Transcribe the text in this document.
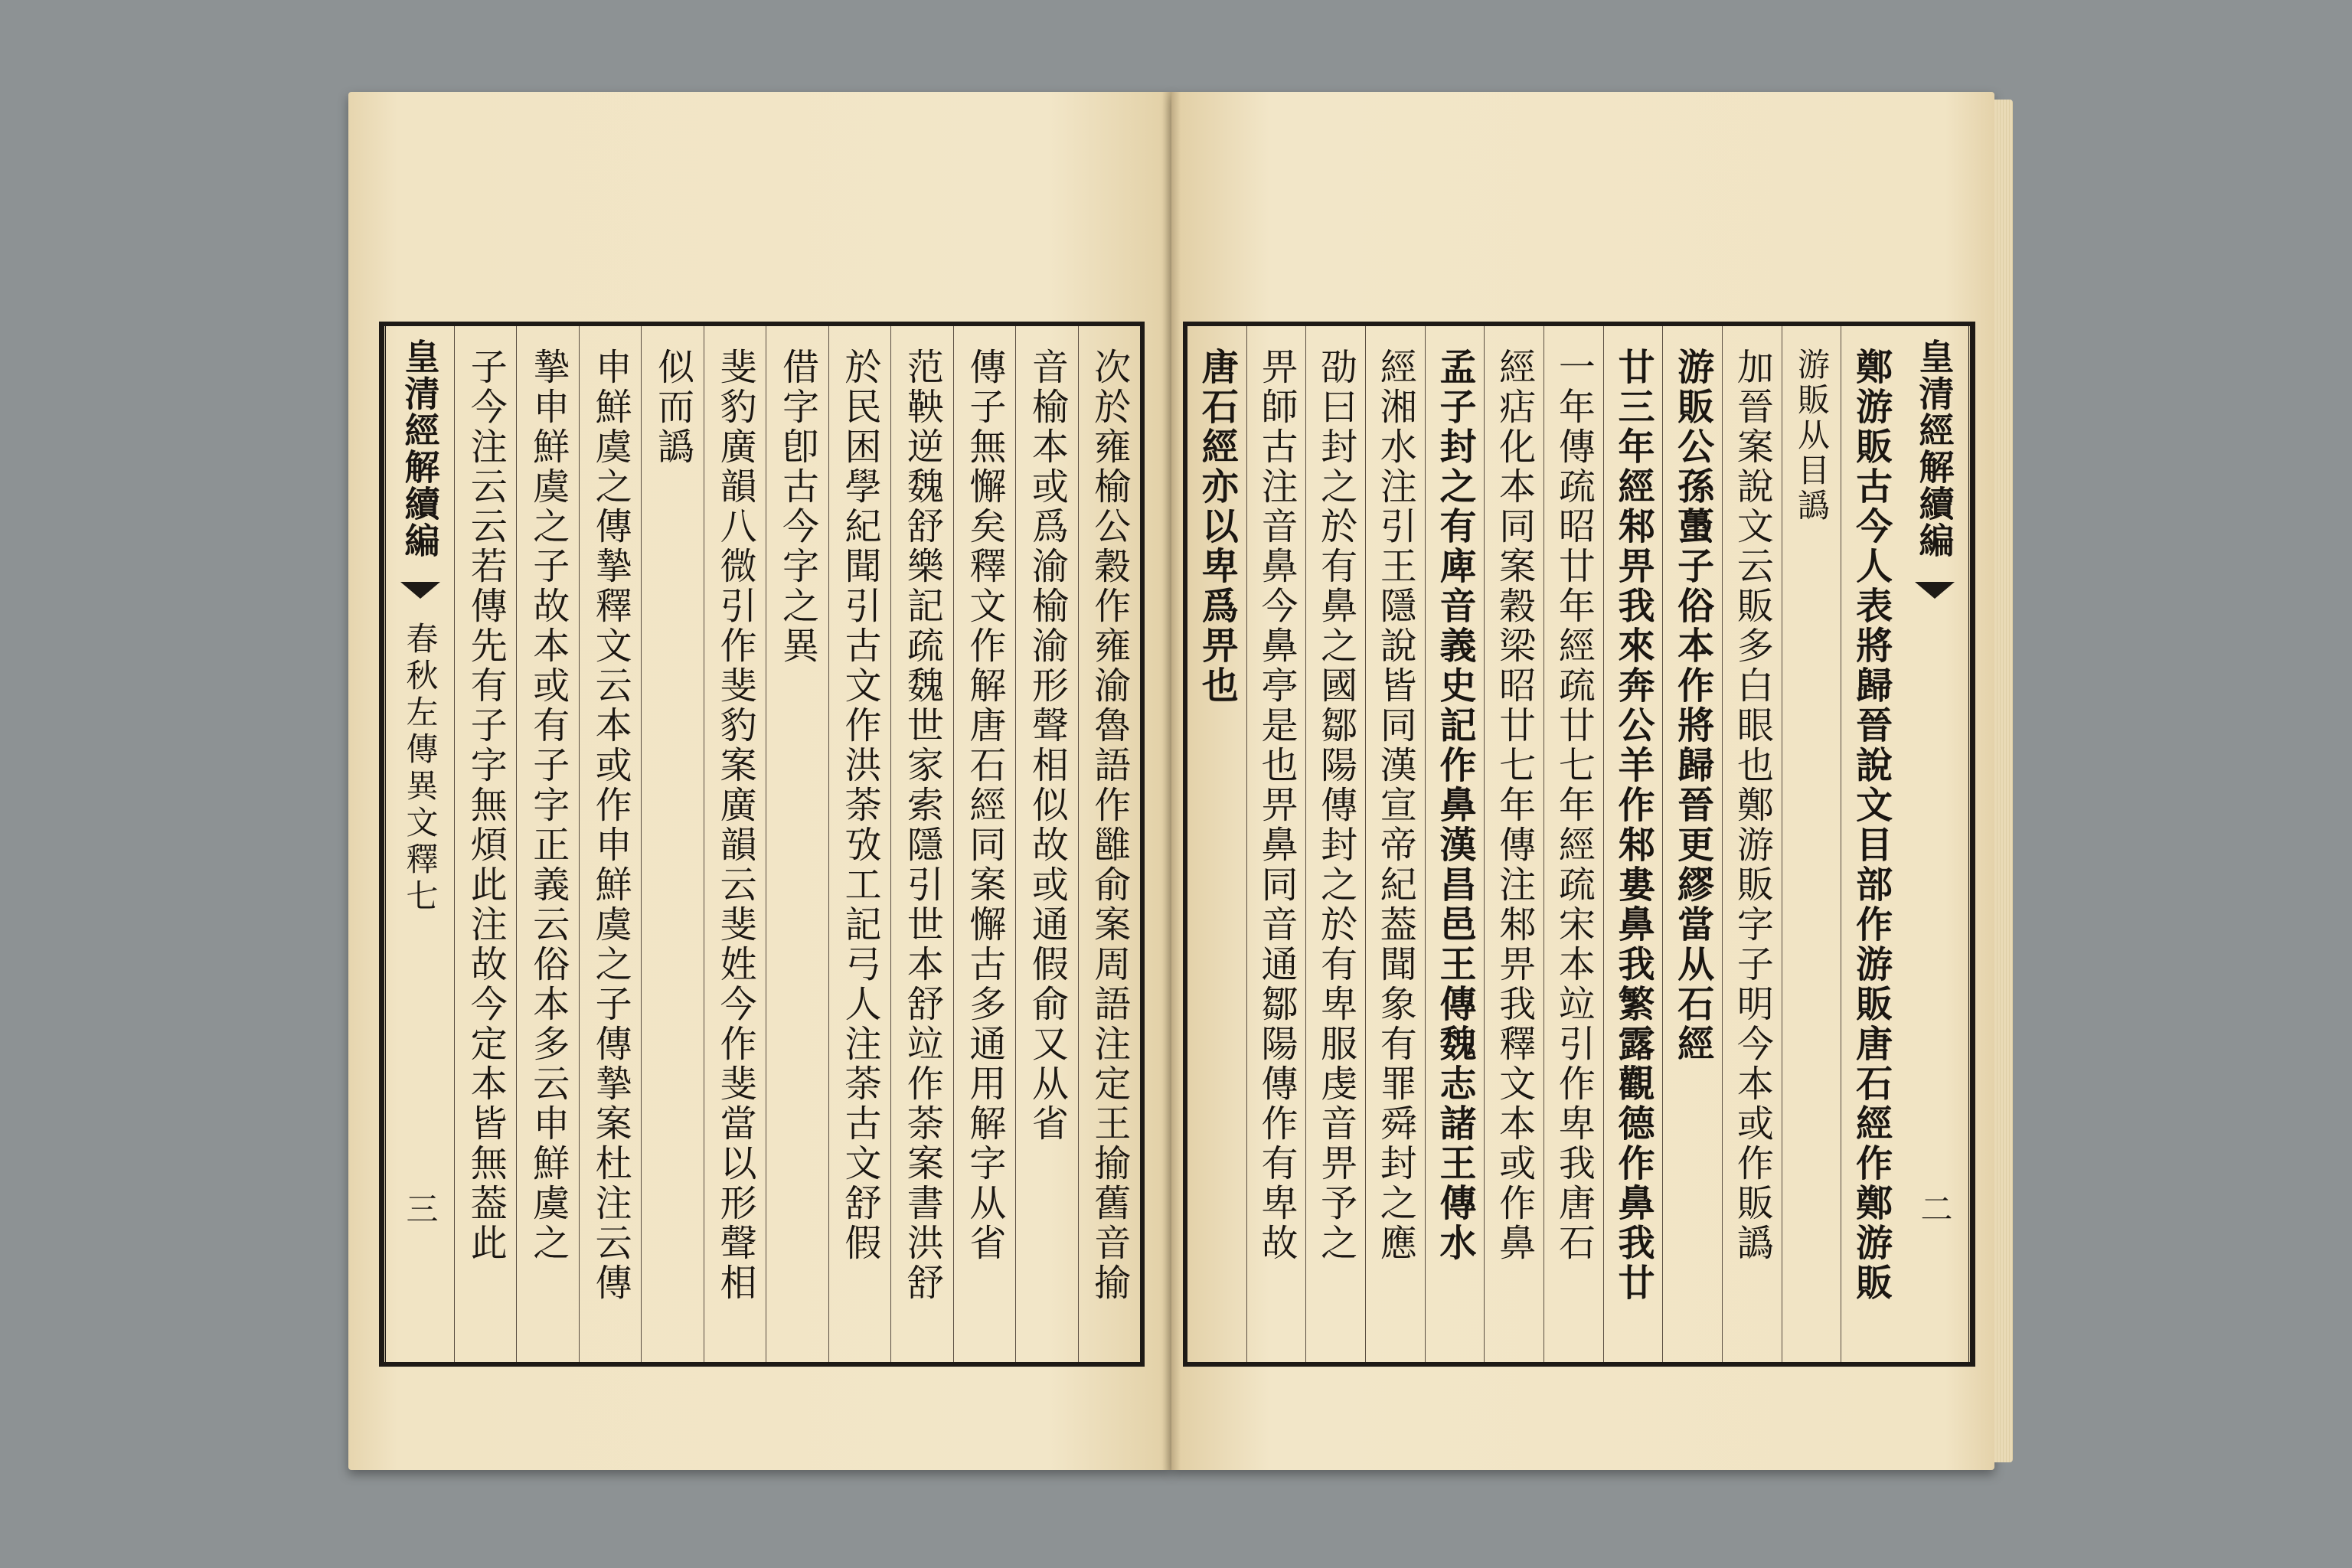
次於雍榆公穀作雍渝魯語作雝俞案周語注定王揄舊音揄
音榆本或爲渝榆渝形聲相似故或通假俞又从省
傳子無懈矣釋文作解唐石經同案懈古多通用解字从省
范鞅逆魏舒樂記疏魏世家索隱引世本舒竝作荼案書洪舒
於民困學紀聞引古文作洪荼攷工記弓人注荼古文舒假
借字卽古今字之異
斐豹廣韻八微引作斐豹案廣韻云斐姓今作斐當以形聲相
似而譌
申鮮虞之傳摯釋文云本或作申鮮虞之子傳摯案杜注云傳
摯申鮮虞之子故本或有子字正義云俗本多云申鮮虞之
子今注云云若傳先有子字無煩此注故今定本皆無葢此
皇清經解續編
春秋左傳異文釋七
三
皇清經解續編
二
鄭游販古今人表將歸晉說文目部作游販唐石經作鄭游販
游販从目譌
加晉案說文云販多白眼也鄭游販字子明今本或作販譌
游販公孫蠆子俗本作將歸晉更繆當从石經
廿三年經邾畀我來奔公羊作邾婁鼻我繁露觀德作鼻我廿
一年傳疏昭廿年經疏廿七年經疏宋本竝引作卑我唐石
經痁化本同案穀梁昭廿七年傳注邾畀我釋文本或作鼻
孟子封之有庳音義史記作鼻漢昌邑王傳魏志諸王傳水
經湘水注引王隱說皆同漢宣帝紀葢聞象有罪舜封之應
劭曰封之於有鼻之國鄒陽傳封之於有卑服虔音畀予之
畀師古注音鼻今鼻亭是也畀鼻同音通鄒陽傳作有卑故
唐石經亦以卑爲畀也
